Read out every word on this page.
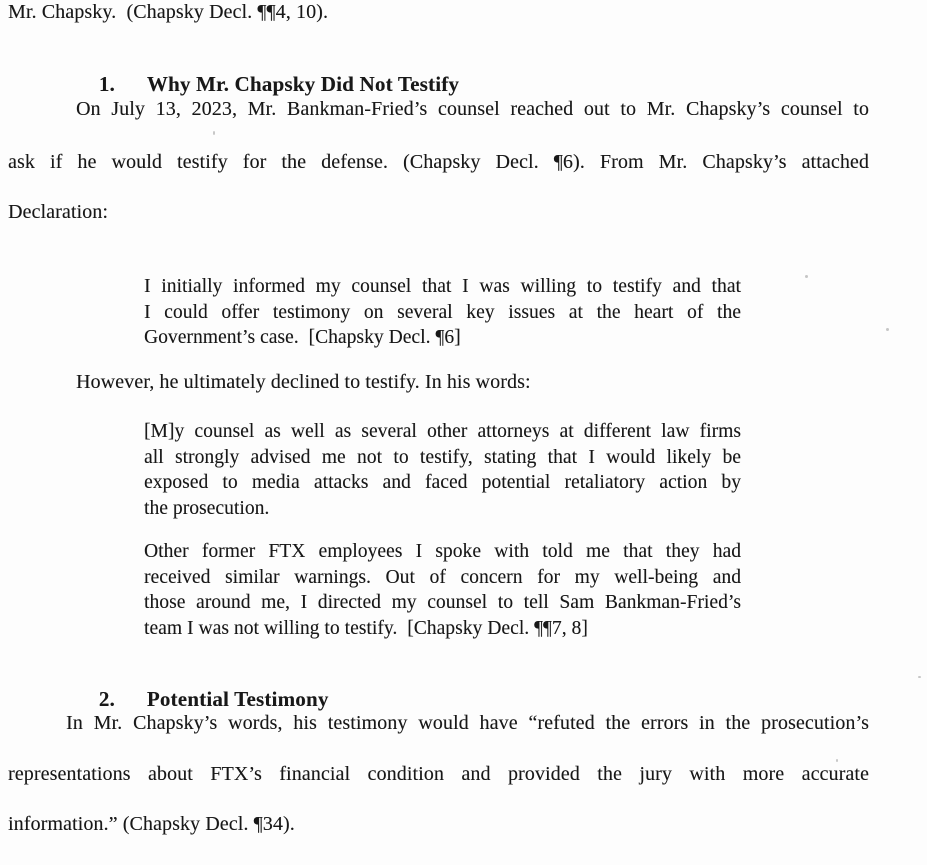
Mr. Chapsky.  (Chapsky Decl. ¶¶4, 10).

1. Why Mr. Chapsky Did Not Testify

On July 13, 2023, Mr. Bankman-Fried’s counsel reached out to Mr. Chapsky’s counsel to
ask if he would testify for the defense. (Chapsky Decl. ¶6). From Mr. Chapsky’s attached
Declaration:
I initially informed my counsel that I was willing to testify and that
I could offer testimony on several key issues at the heart of the
Government’s case.  [Chapsky Decl. ¶6]
However, he ultimately declined to testify. In his words:
[M]y counsel as well as several other attorneys at different law firms
all strongly advised me not to testify, stating that I would likely be
exposed to media attacks and faced potential retaliatory action by
the prosecution.
Other former FTX employees I spoke with told me that they had
received similar warnings. Out of concern for my well-being and
those around me, I directed my counsel to tell Sam Bankman-Fried’s
team I was not willing to testify.  [Chapsky Decl. ¶¶7, 8]

2. Potential Testimony

In Mr. Chapsky’s words, his testimony would have “refuted the errors in the prosecution’s
representations about FTX’s financial condition and provided the jury with more accurate
information.” (Chapsky Decl. ¶34).
